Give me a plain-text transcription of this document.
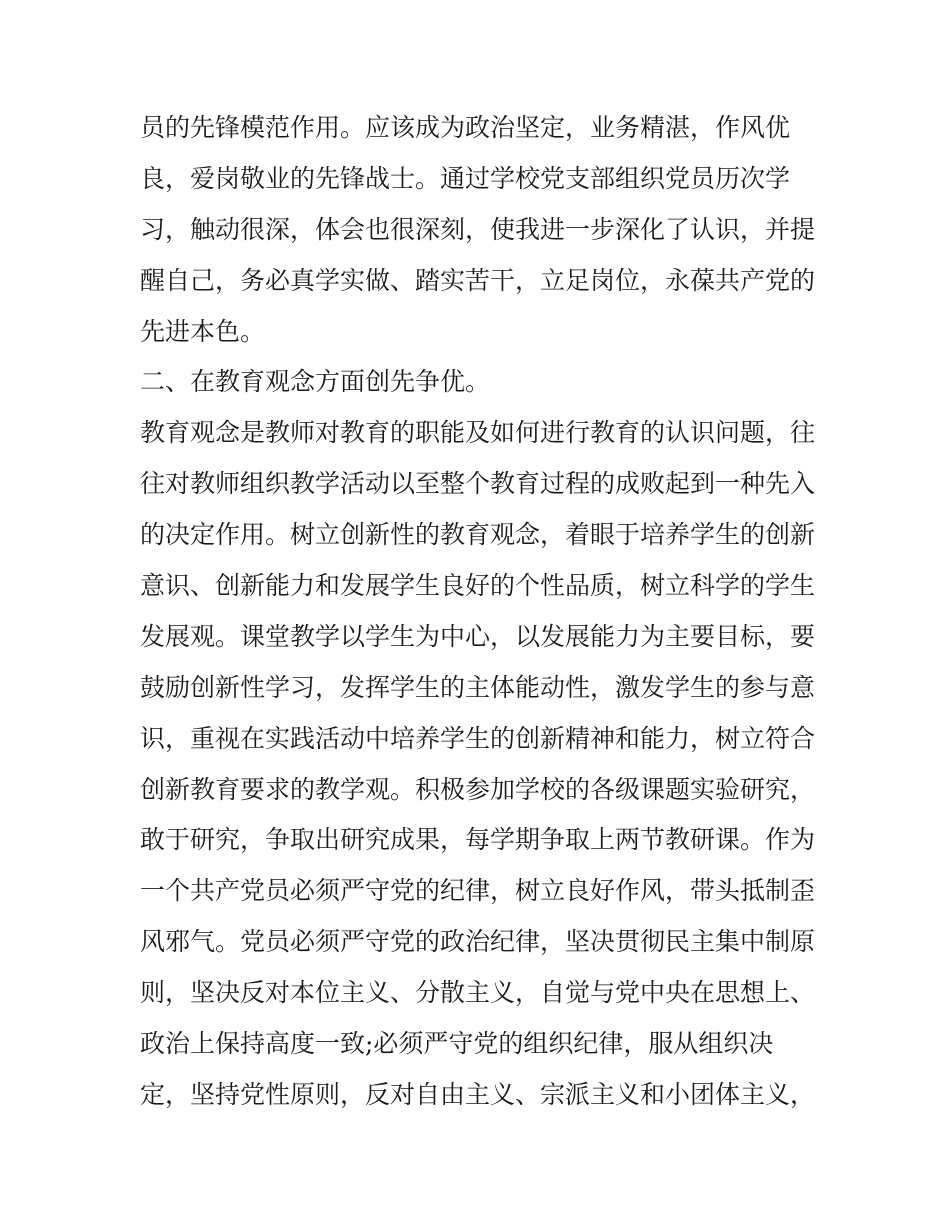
员的先锋模范作用。应该成为政治坚定，业务精湛，作风优
良，爱岗敬业的先锋战士。通过学校党支部组织党员历次学
习，触动很深，体会也很深刻，使我进一步深化了认识，并提
醒自己，务必真学实做、踏实苦干，立足岗位，永葆共产党的
先进本色。
二、在教育观念方面创先争优。
教育观念是教师对教育的职能及如何进行教育的认识问题，往
往对教师组织教学活动以至整个教育过程的成败起到一种先入
的决定作用。树立创新性的教育观念，着眼于培养学生的创新
意识、创新能力和发展学生良好的个性品质，树立科学的学生
发展观。课堂教学以学生为中心，以发展能力为主要目标，要
鼓励创新性学习，发挥学生的主体能动性，激发学生的参与意
识，重视在实践活动中培养学生的创新精神和能力，树立符合
创新教育要求的教学观。积极参加学校的各级课题实验研究，
敢于研究，争取出研究成果，每学期争取上两节教研课。作为
一个共产党员必须严守党的纪律，树立良好作风，带头抵制歪
风邪气。党员必须严守党的政治纪律，坚决贯彻民主集中制原
则，坚决反对本位主义、分散主义，自觉与党中央在思想上、
政治上保持高度一致;必须严守党的组织纪律，服从组织决
定，坚持党性原则，反对自由主义、宗派主义和小团体主义，
